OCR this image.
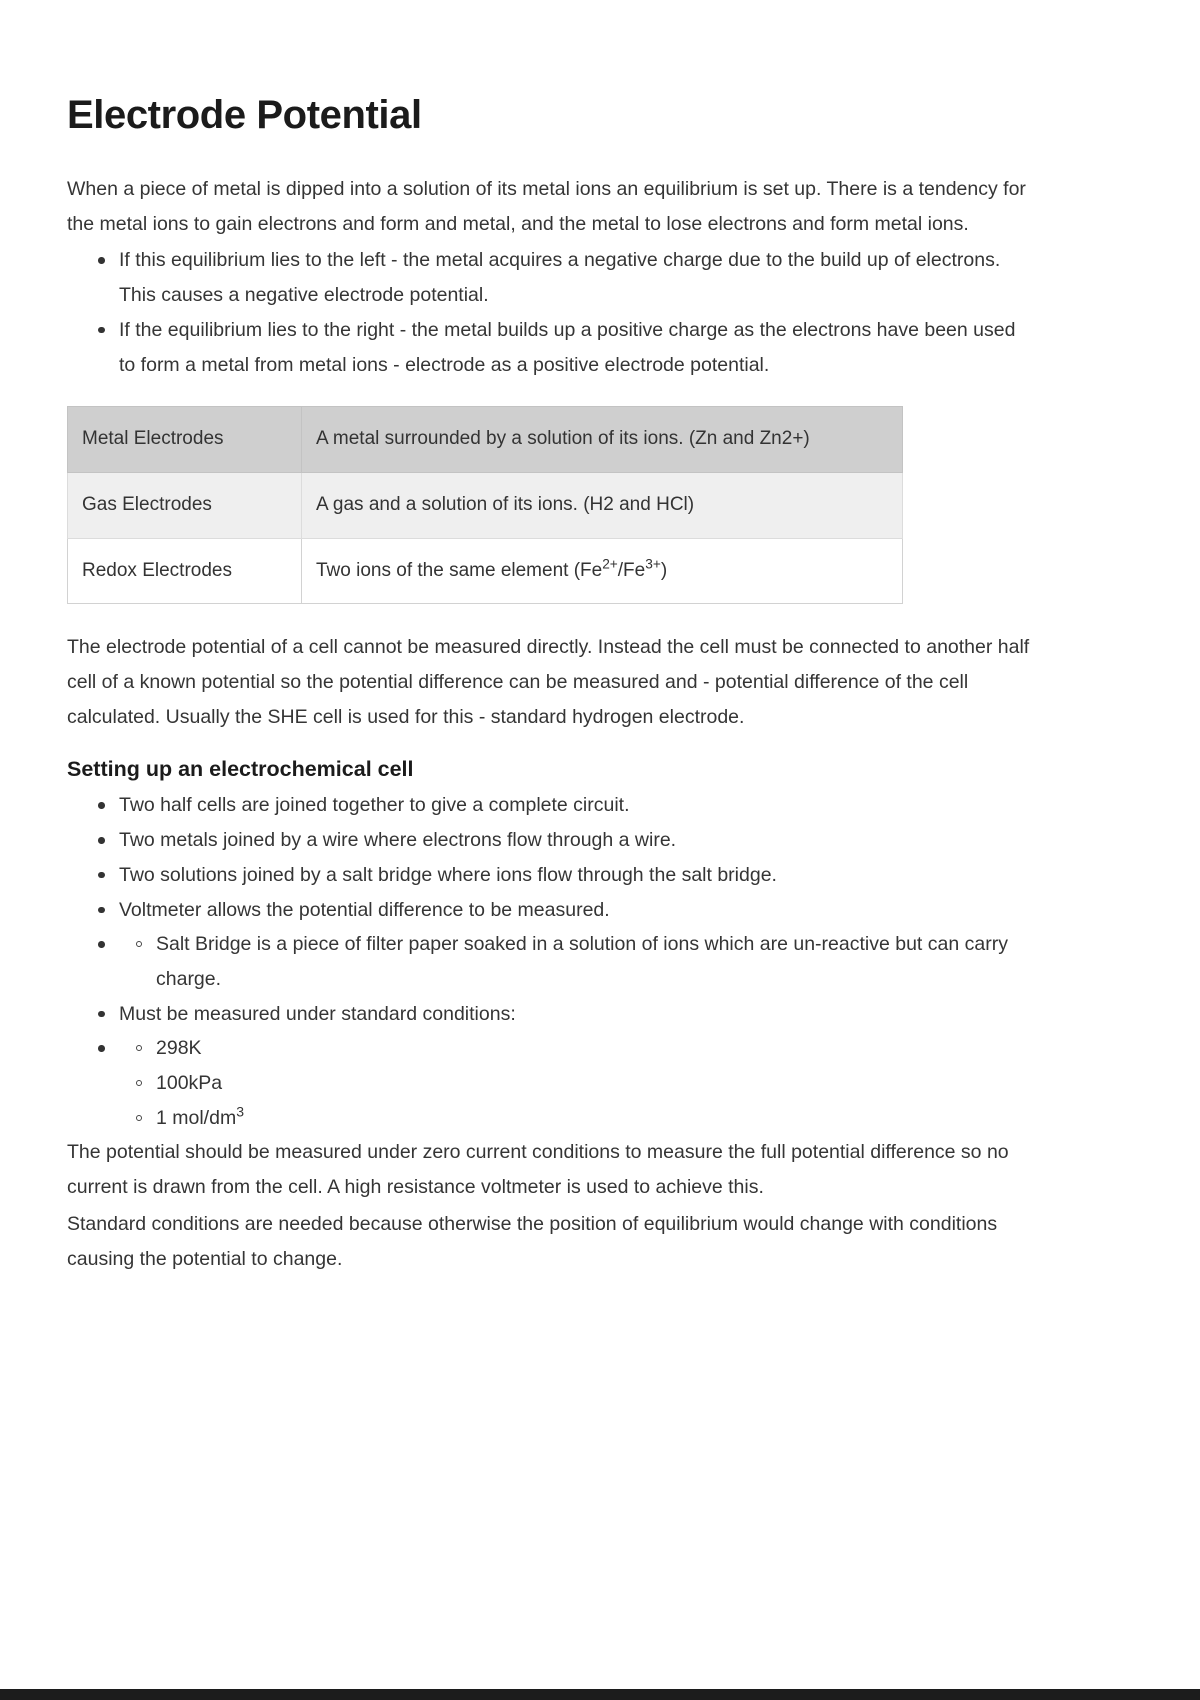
Electrode Potential

When a piece of metal is dipped into a solution of its metal ions an equilibrium is set up. There is a tendency for the metal ions to gain electrons and form and metal, and the metal to lose electrons and form metal ions.

If this equilibrium lies to the left - the metal acquires a negative charge due to the build up of electrons. This causes a negative electrode potential.
If the equilibrium lies to the right - the metal builds up a positive charge as the electrons have been used to form a metal from metal ions - electrode as a positive electrode potential.
Metal Electrodes	A metal surrounded by a solution of its ions. (Zn and Zn2+)
Gas Electrodes	A gas and a solution of its ions. (H2 and HCl)
Redox Electrodes	Two ions of the same element $(Fe^{2+}/Fe^{3+})$

The electrode potential of a cell cannot be measured directly. Instead the cell must be connected to another half cell of a known potential so the potential difference can be measured and - potential difference of the cell calculated. Usually the SHE cell is used for this - standard hydrogen electrode.

Setting up an electrochemical cell
Two half cells are joined together to give a complete circuit.
Two metals joined by a wire where electrons flow through a wire.
Two solutions joined by a salt bridge where ions flow through the salt bridge.
Voltmeter allows the potential difference to be measured.
Salt Bridge is a piece of filter paper soaked in a solution of ions which are un-reactive but can carry charge.
Must be measured under standard conditions:
298K
100kPa
1 mol/$dm^3$

The potential should be measured under zero current conditions to measure the full potential difference so no current is drawn from the cell. A high resistance voltmeter is used to achieve this.

Standard conditions are needed because otherwise the position of equilibrium would change with conditions causing the potential to change.
